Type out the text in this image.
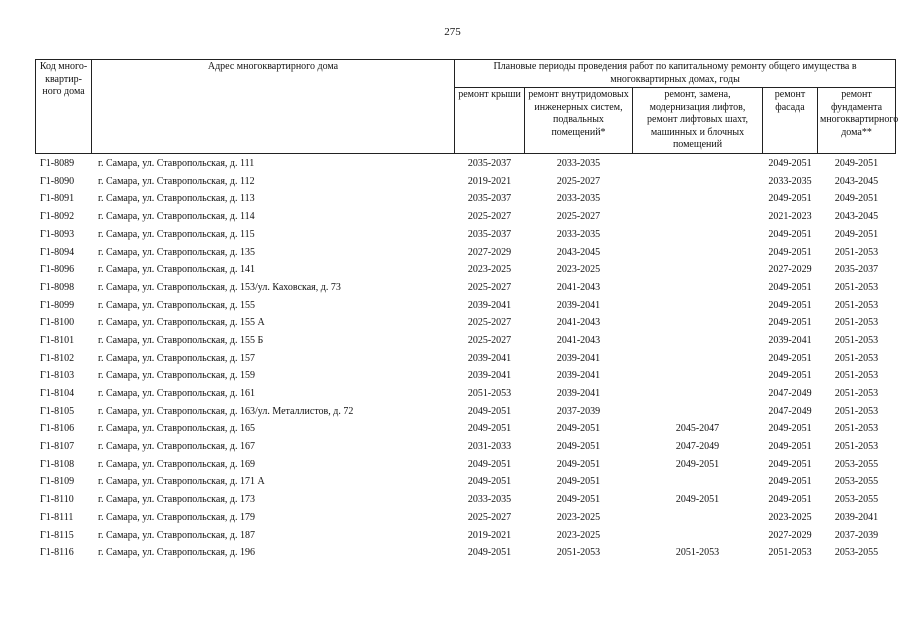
275
Код много-квартир-ного дома	Адрес многоквартирного дома	Плановые периоды проведения работ по капитальному ремонту общего имущества в многоквартирных домах, годы				
		ремонт крыши	ремонт внутридомовых инженерных систем, подвальных помещений*	ремонт, замена, модернизация лифтов, ремонт лифтовых шахт, машинных и блочных помещений	ремонт фасада	ремонт фундамента многоквартирного дома**
Г1-8089	г. Самара, ул. Ставропольская, д. 111	2035-2037	2033-2035		2049-2051	2049-2051
Г1-8090	г. Самара, ул. Ставропольская, д. 112	2019-2021	2025-2027		2033-2035	2043-2045
Г1-8091	г. Самара, ул. Ставропольская, д. 113	2035-2037	2033-2035		2049-2051	2049-2051
Г1-8092	г. Самара, ул. Ставропольская, д. 114	2025-2027	2025-2027		2021-2023	2043-2045
Г1-8093	г. Самара, ул. Ставропольская, д. 115	2035-2037	2033-2035		2049-2051	2049-2051
Г1-8094	г. Самара, ул. Ставропольская, д. 135	2027-2029	2043-2045		2049-2051	2051-2053
Г1-8096	г. Самара, ул. Ставропольская, д. 141	2023-2025	2023-2025		2027-2029	2035-2037
Г1-8098	г. Самара, ул. Ставропольская, д. 153/ул. Каховская, д. 73	2025-2027	2041-2043		2049-2051	2051-2053
Г1-8099	г. Самара, ул. Ставропольская, д. 155	2039-2041	2039-2041		2049-2051	2051-2053
Г1-8100	г. Самара, ул. Ставропольская, д. 155 А	2025-2027	2041-2043		2049-2051	2051-2053
Г1-8101	г. Самара, ул. Ставропольская, д. 155 Б	2025-2027	2041-2043		2039-2041	2051-2053
Г1-8102	г. Самара, ул. Ставропольская, д. 157	2039-2041	2039-2041		2049-2051	2051-2053
Г1-8103	г. Самара, ул. Ставропольская, д. 159	2039-2041	2039-2041		2049-2051	2051-2053
Г1-8104	г. Самара, ул. Ставропольская, д. 161	2051-2053	2039-2041		2047-2049	2051-2053
Г1-8105	г. Самара, ул. Ставропольская, д. 163/ул. Металлистов, д. 72	2049-2051	2037-2039		2047-2049	2051-2053
Г1-8106	г. Самара, ул. Ставропольская, д. 165	2049-2051	2049-2051	2045-2047	2049-2051	2051-2053
Г1-8107	г. Самара, ул. Ставропольская, д. 167	2031-2033	2049-2051	2047-2049	2049-2051	2051-2053
Г1-8108	г. Самара, ул. Ставропольская, д. 169	2049-2051	2049-2051	2049-2051	2049-2051	2053-2055
Г1-8109	г. Самара, ул. Ставропольская, д. 171 А	2049-2051	2049-2051		2049-2051	2053-2055
Г1-8110	г. Самара, ул. Ставропольская, д. 173	2033-2035	2049-2051	2049-2051	2049-2051	2053-2055
Г1-8111	г. Самара, ул. Ставропольская, д. 179	2025-2027	2023-2025		2023-2025	2039-2041
Г1-8115	г. Самара, ул. Ставропольская, д. 187	2019-2021	2023-2025		2027-2029	2037-2039
Г1-8116	г. Самара, ул. Ставропольская, д. 196	2049-2051	2051-2053	2051-2053	2051-2053	2053-2055
